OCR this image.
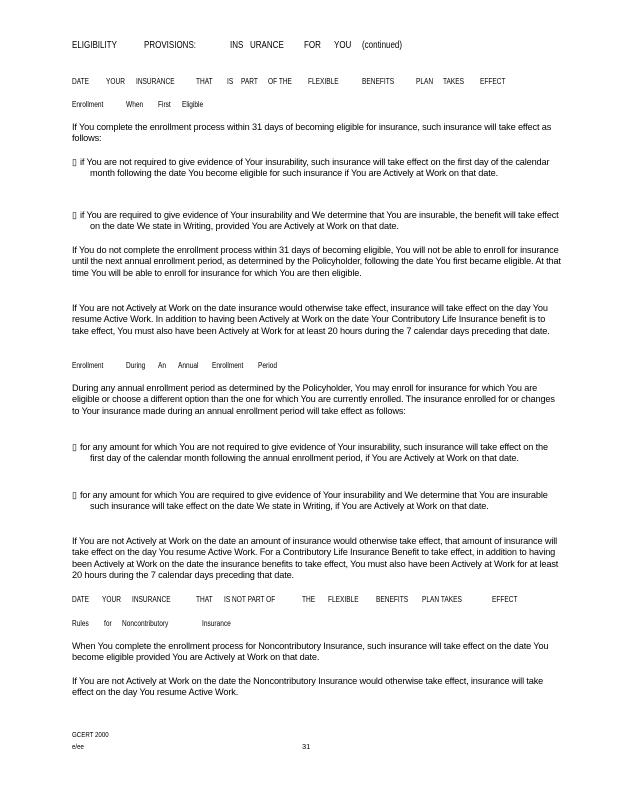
ELIGIBILITY	PROVISIONS:	INS URANCE FOR YOU (continued)
DATE YOUR INSURANCE	THAT IS PART OF THE FLEXIBLE	BENEFITS	PLAN TAKES EFFECT
Enrollment	When First Eligible

If You complete the enrollment process within 31 days of becoming eligible for insurance, such insurance will take effect as follows:

▯ if You are not required to give evidence of Your insurability, such insurance will take effect on the first day of the calendar month following the date You become eligible for such insurance if You are Actively at Work on that date.

▯ if You are required to give evidence of Your insurability and We determine that You are insurable, the benefit will take effect on the date We state in Writing, provided You are Actively at Work on that date.

If You do not complete the enrollment process within 31 days of becoming eligible, You will not be able to enroll for insurance until the next annual enrollment period, as determined by the Policyholder, following the date You first became eligible. At that time You will be able to enroll for insurance for which You are then eligible.

If You are not Actively at Work on the date insurance would otherwise take effect, insurance will take effect on the day You resume Active Work. In addition to having been Actively at Work on the date Your Contributory Life Insurance benefit is to take effect, You must also have been Actively at Work for at least 20 hours during the 7 calendar days preceding that date.

Enrollment	During An Annual Enrollment Period

During any annual enrollment period as determined by the Policyholder, You may enroll for insurance for which You are eligible or choose a different option than the one for which You are currently enrolled. The insurance enrolled for or changes to Your insurance made during an annual enrollment period will take effect as follows:

▯ for any amount for which You are not required to give evidence of Your insurability, such insurance will take effect on the first day of the calendar month following the annual enrollment period, if You are Actively at Work on that date.

▯ for any amount for which You are required to give evidence of Your insurability and We determine that You are insurable such insurance will take effect on the date We state in Writing, if You are Actively at Work on that date.

If You are not Actively at Work on the date an amount of insurance would otherwise take effect, that amount of insurance will take effect on the day You resume Active Work. For a Contributory Life Insurance Benefit to take effect, in addition to having been Actively at Work on the date the insurance benefits to take effect, You must also have been Actively at Work for at least 20 hours during the 7 calendar days preceding that date.

DATE YOUR INSURANCE	THAT IS NOT PART OF	THE FLEXIBLE BENEFITS PLAN TAKES	EFFECT
Rules for Noncontributory	Insurance

When You complete the enrollment process for Noncontributory Insurance, such insurance will take effect on the date You become eligible provided You are Actively at Work on that date.

If You are not Actively at Work on the date the Noncontributory Insurance would otherwise take effect, insurance will take effect on the day You resume Active Work.

GCERT 2000
e/ee	31
